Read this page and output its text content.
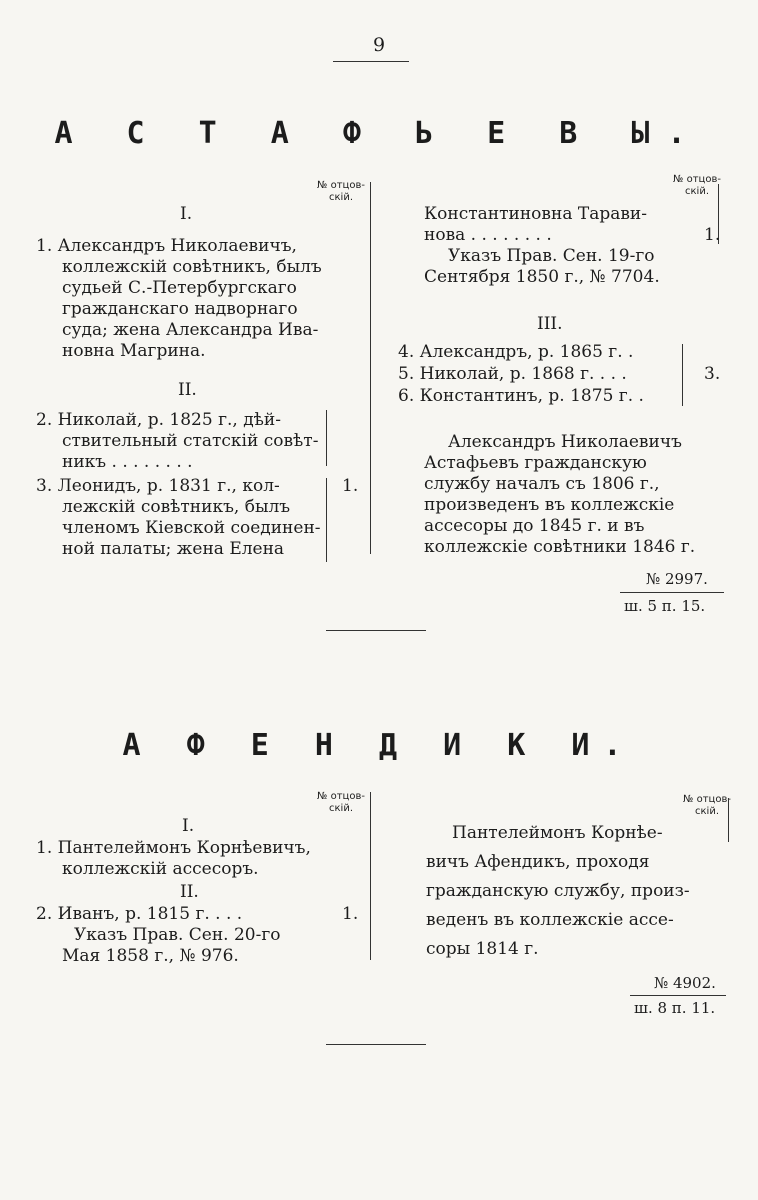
9
А С Т А Ф Ь Е В Ы.
№ отцов-
скій.
№ отцов-
скій.
I.
1. Александръ Николаевичъ,
коллежскій совѣтникъ, былъ
судьей С.-Петербургскаго
гражданскаго надворнаго
суда; жена Александра Ива-
новна Магрина.
II.
2. Николай, р. 1825 г., дѣй-
ствительный статскій совѣт-
никъ . . . . . . . .
3. Леонидъ, р. 1831 г., кол-
лежскій совѣтникъ, былъ
членомъ Кіевской соединен-
ной палаты; жена Елена
1.
Константиновна Тарави-
нова . . . . . . . .	1.
Указъ Прав. Сен. 19-го
Сентября 1850 г., № 7704.
III.
4. Александръ, р. 1865 г. .
5. Николай, р. 1868 г. . . .
6. Константинъ, р. 1875 г. .
3.
Александръ Николаевичъ
Астафьевъ гражданскую
службу началъ съ 1806 г.,
произведенъ въ коллежскіе
ассесоры до 1845 г. и въ
коллежскіе совѣтники 1846 г.
№ 2997.
ш. 5 п. 15.
А Ф Е Н Д И К И.
№ отцов-
скій.
№ отцов-
скій.
I.
1. Пантелеймонъ Корнѣевичъ,
коллежскій ассесоръ.
II.
2. Иванъ, р. 1815 г. . . .	1.
Указъ Прав. Сен. 20-го
Мая 1858 г., № 976.
Пантелеймонъ Корнѣе-
вичъ Афендикъ, проходя
гражданскую службу, произ-
веденъ въ коллежскіе ассе-
соры 1814 г.
№ 4902.
ш. 8 п. 11.
